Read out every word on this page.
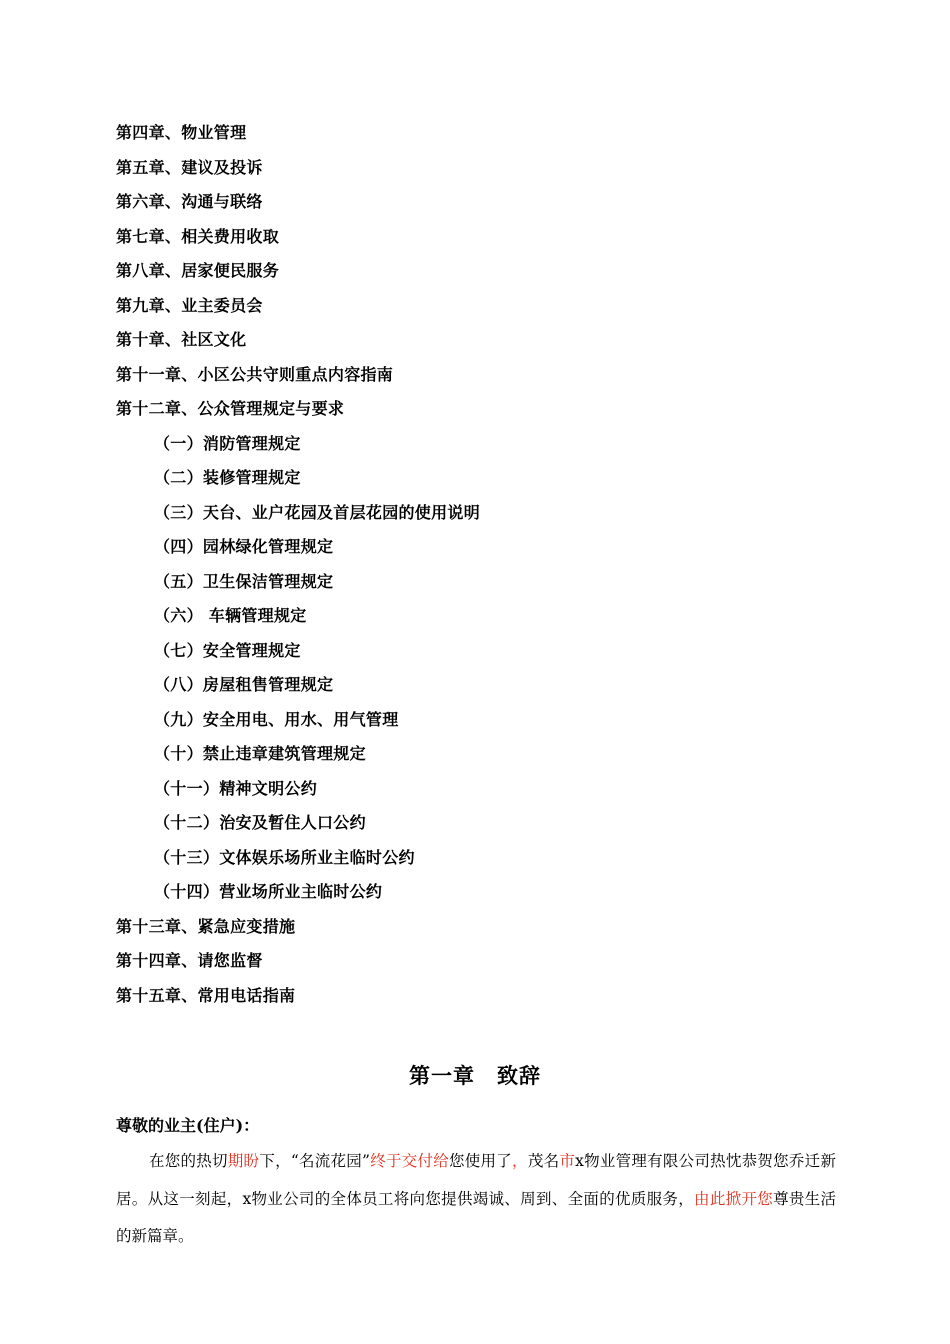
第四章、物业管理
第五章、建议及投诉
第六章、沟通与联络
第七章、相关费用收取
第八章、居家便民服务
第九章、业主委员会
第十章、社区文化
第十一章、小区公共守则重点内容指南
第十二章、公众管理规定与要求
（一）消防管理规定
（二）装修管理规定
（三）天台、业户花园及首层花园的使用说明
（四）园林绿化管理规定
（五）卫生保洁管理规定
（六） 车辆管理规定
（七）安全管理规定
（八）房屋租售管理规定
（九）安全用电、用水、用气管理
（十）禁止违章建筑管理规定
（十一）精神文明公约
（十二）治安及暂住人口公约
（十三）文体娱乐场所业主临时公约
（十四）营业场所业主临时公约
第十三章、紧急应变措施
第十四章、请您监督
第十五章、常用电话指南
第一章　致辞
尊敬的业主(住户)：
在您的热切期盼下，“名流花园”终于交付给您使用了，茂名市x物业管理有限公司热忱恭贺您乔迁新居。从这一刻起，x物业公司的全体员工将向您提供竭诚、周到、全面的优质服务，由此掀开您尊贵生活的新篇章。
